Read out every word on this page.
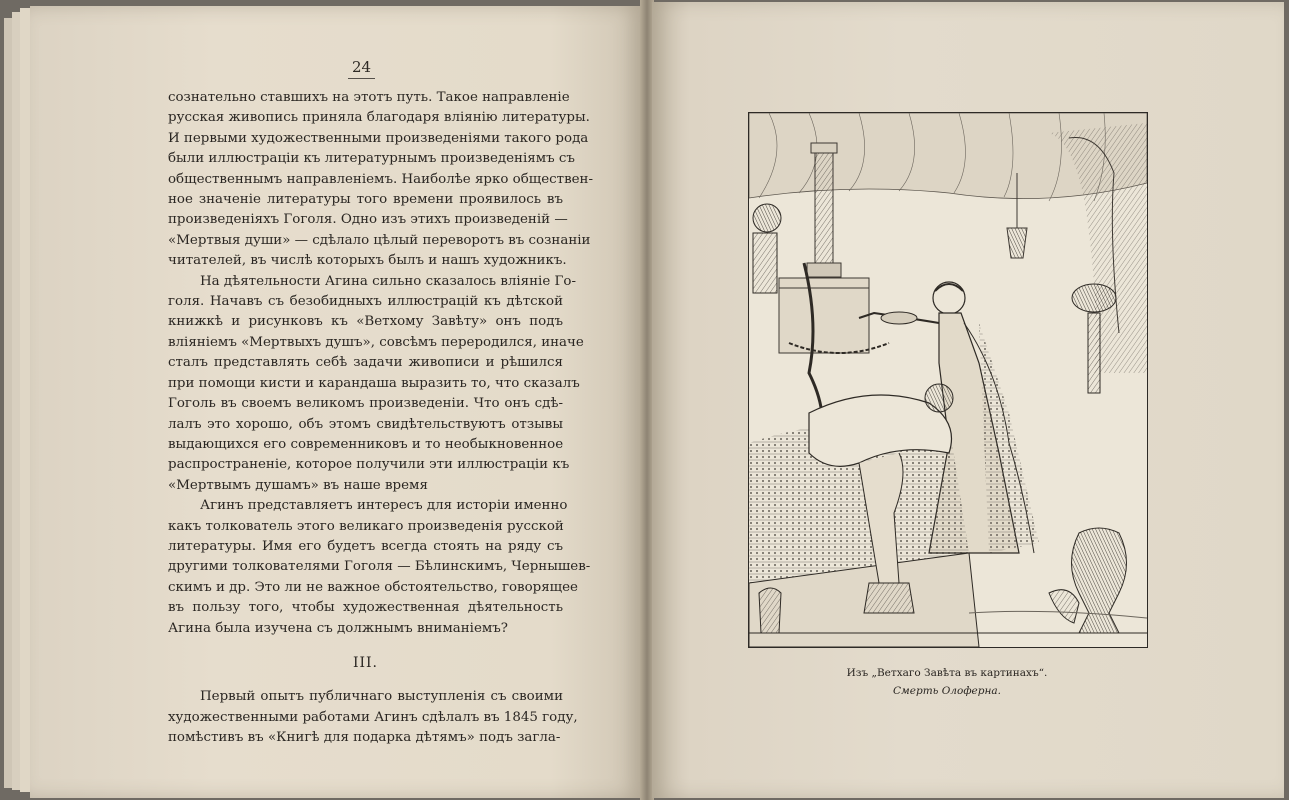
24
сознательно ставшихъ на этотъ путь. Такое направленіе
русская живопись приняла благодаря вліянію литературы.
И первыми художественными произведеніями такого рода
были иллюстраціи къ литературнымъ произведеніямъ съ
общественнымъ направленіемъ. Наиболѣе ярко обществен-
ное значеніе литературы того времени проявилось въ
произведеніяхъ Гоголя. Одно изъ этихъ произведеній —
«Мертвыя души» — сдѣлало цѣлый переворотъ въ сознаніи
читателей, въ числѣ которыхъ былъ и нашъ художникъ.
На дѣятельности Агина сильно сказалось вліяніе Го-
голя. Начавъ съ безобидныхъ иллюстрацій къ дѣтской
книжкѣ и рисунковъ къ «Ветхому Завѣту» онъ подъ
вліяніемъ «Мертвыхъ душъ», совсѣмъ переродился, иначе
сталъ представлять себѣ задачи живописи и рѣшился
при помощи кисти и карандаша выразить то, что сказалъ
Гоголь въ своемъ великомъ произведеніи. Что онъ сдѣ-
лалъ это хорошо, объ этомъ свидѣтельствуютъ отзывы
выдающихся его современниковъ и то необыкновенное
распространеніе, которое получили эти иллюстраціи къ
«Мертвымъ душамъ» въ наше время
Агинъ представляетъ интересъ для исторіи именно
какъ толкователь этого великаго произведенія русской
литературы. Имя его будетъ всегда стоять на ряду съ
другими толкователями Гоголя — Бѣлинскимъ, Чернышев-
скимъ и др. Это ли не важное обстоятельство, говорящее
въ пользу того, чтобы художественная дѣятельность
Агина была изучена съ должнымъ вниманіемъ?
III.
Первый опытъ публичнаго выступленія съ своими
художественными работами Агинъ сдѣлалъ въ 1845 году,
помѣстивъ въ «Книгѣ для подарка дѣтямъ» подъ загла-
Изъ „Ветхаго Завѣта въ картинахъ“.
Смерть Олоферна.
